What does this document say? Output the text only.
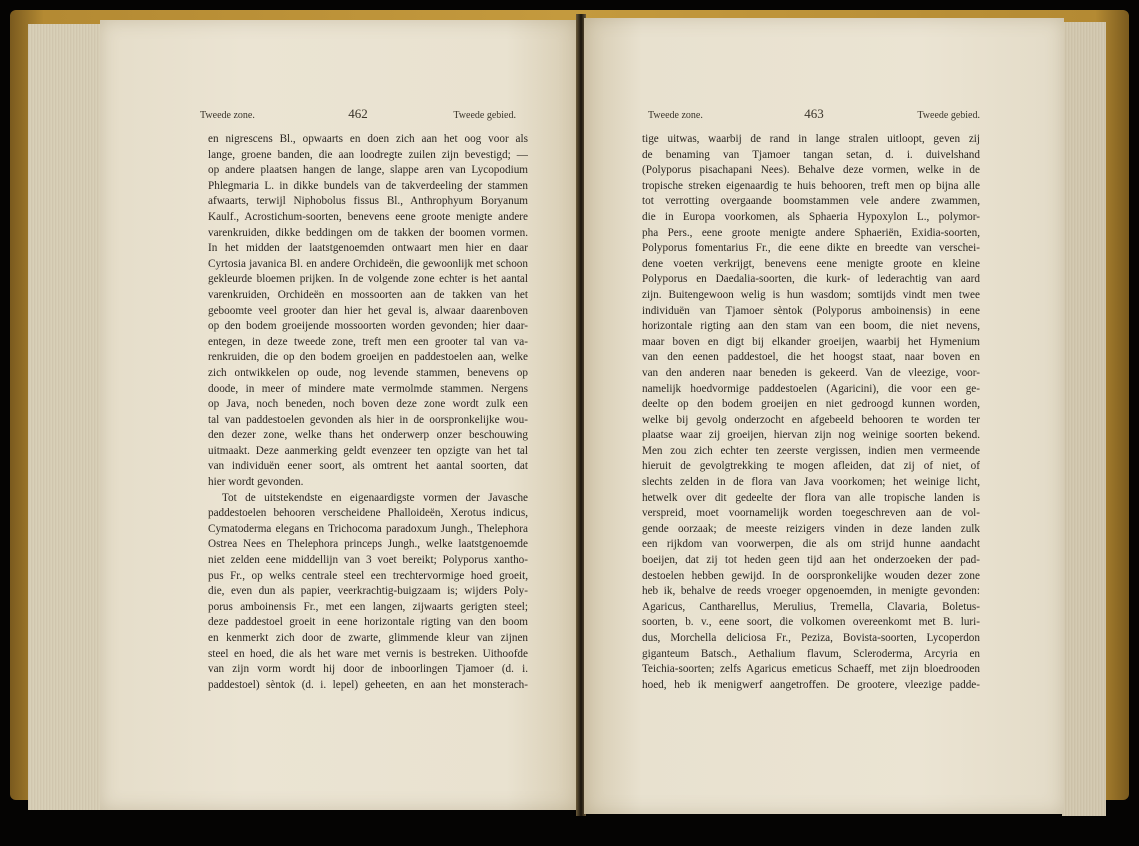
Tweede zone.	462	Tweede gebied.
en nigrescens Bl., opwaarts en doen zich aan het oog voor als
lange, groene banden, die aan loodregte zuilen zijn bevestigd; —
op andere plaatsen hangen de lange, slappe aren van Lycopodium
Phlegmaria L. in dikke bundels van de takverdeeling der stammen
afwaarts, terwijl Niphobolus fissus Bl., Anthrophyum Boryanum
Kaulf., Acrostichum-soorten, benevens eene groote menigte andere
varenkruiden, dikke beddingen om de takken der boomen vormen.
In het midden der laatstgenoemden ontwaart men hier en daar
Cyrtosia javanica Bl. en andere Orchideën, die gewoonlijk met schoon
gekleurde bloemen prijken. In de volgende zone echter is het aantal
varenkruiden, Orchideën en mossoorten aan de takken van het
geboomte veel grooter dan hier het geval is, alwaar daarenboven
op den bodem groeijende mossoorten worden gevonden; hier daar-
entegen, in deze tweede zone, treft men een grooter tal van va-
renkruiden, die op den bodem groeijen en paddestoelen aan, welke
zich ontwikkelen op oude, nog levende stammen, benevens op
doode, in meer of mindere mate vermolmde stammen. Nergens
op Java, noch beneden, noch boven deze zone wordt zulk een
tal van paddestoelen gevonden als hier in de oorspronkelijke wou-
den dezer zone, welke thans het onderwerp onzer beschouwing
uitmaakt. Deze aanmerking geldt evenzeer ten opzigte van het tal
van individuën eener soort, als omtrent het aantal soorten, dat
hier wordt gevonden.
Tot de uitstekendste en eigenaardigste vormen der Javasche
paddestoelen behooren verscheidene Phalloideën, Xerotus indicus,
Cymatoderma elegans en Trichocoma paradoxum Jungh., Thelephora
Ostrea Nees en Thelephora princeps Jungh., welke laatstgenoemde
niet zelden eene middellijn van 3 voet bereikt; Polyporus xantho-
pus Fr., op welks centrale steel een trechtervormige hoed groeit,
die, even dun als papier, veerkrachtig-buigzaam is; wijders Poly-
porus amboinensis Fr., met een langen, zijwaarts gerigten steel;
deze paddestoel groeit in eene horizontale rigting van den boom
en kenmerkt zich door de zwarte, glimmende kleur van zijnen
steel en hoed, die als het ware met vernis is bestreken. Uithoofde
van zijn vorm wordt hij door de inboorlingen Tjamoer (d. i.
paddestoel) sèntok (d. i. lepel) geheeten, en aan het monsterach-
Tweede zone.	463	Tweede gebied.
tige uitwas, waarbij de rand in lange stralen uitloopt, geven zij
de benaming van Tjamoer tangan setan, d. i. duivelshand
(Polyporus pisachapani Nees). Behalve deze vormen, welke in de
tropische streken eigenaardig te huis behooren, treft men op bijna alle
tot verrotting overgaande boomstammen vele andere zwammen,
die in Europa voorkomen, als Sphaeria Hypoxylon L., polymor-
pha Pers., eene groote menigte andere Sphaeriën, Exidia-soorten,
Polyporus fomentarius Fr., die eene dikte en breedte van verschei-
dene voeten verkrijgt, benevens eene menigte groote en kleine
Polyporus en Daedalia-soorten, die kurk- of lederachtig van aard
zijn. Buitengewoon welig is hun wasdom; somtijds vindt men twee
individuën van Tjamoer sèntok (Polyporus amboinensis) in eene
horizontale rigting aan den stam van een boom, die niet nevens,
maar boven en digt bij elkander groeijen, waarbij het Hymenium
van den eenen paddestoel, die het hoogst staat, naar boven en
van den anderen naar beneden is gekeerd. Van de vleezige, voor-
namelijk hoedvormige paddestoelen (Agaricini), die voor een ge-
deelte op den bodem groeijen en niet gedroogd kunnen worden,
welke bij gevolg onderzocht en afgebeeld behooren te worden ter
plaatse waar zij groeijen, hiervan zijn nog weinige soorten bekend.
Men zou zich echter ten zeerste vergissen, indien men vermeende
hieruit de gevolgtrekking te mogen afleiden, dat zij of niet, of
slechts zelden in de flora van Java voorkomen; het weinige licht,
hetwelk over dit gedeelte der flora van alle tropische landen is
verspreid, moet voornamelijk worden toegeschreven aan de vol-
gende oorzaak; de meeste reizigers vinden in deze landen zulk
een rijkdom van voorwerpen, die als om strijd hunne aandacht
boeijen, dat zij tot heden geen tijd aan het onderzoeken der pad-
destoelen hebben gewijd. In de oorspronkelijke wouden dezer zone
heb ik, behalve de reeds vroeger opgenoemden, in menigte gevonden:
Agaricus, Cantharellus, Merulius, Tremella, Clavaria, Boletus-
soorten, b. v., eene soort, die volkomen overeenkomt met B. luri-
dus, Morchella deliciosa Fr., Peziza, Bovista-soorten, Lycoperdon
giganteum Batsch., Aethalium flavum, Scleroderma, Arcyria en
Teichia-soorten; zelfs Agaricus emeticus Schaeff, met zijn bloedrooden
hoed, heb ik menigwerf aangetroffen. De grootere, vleezige padde-
